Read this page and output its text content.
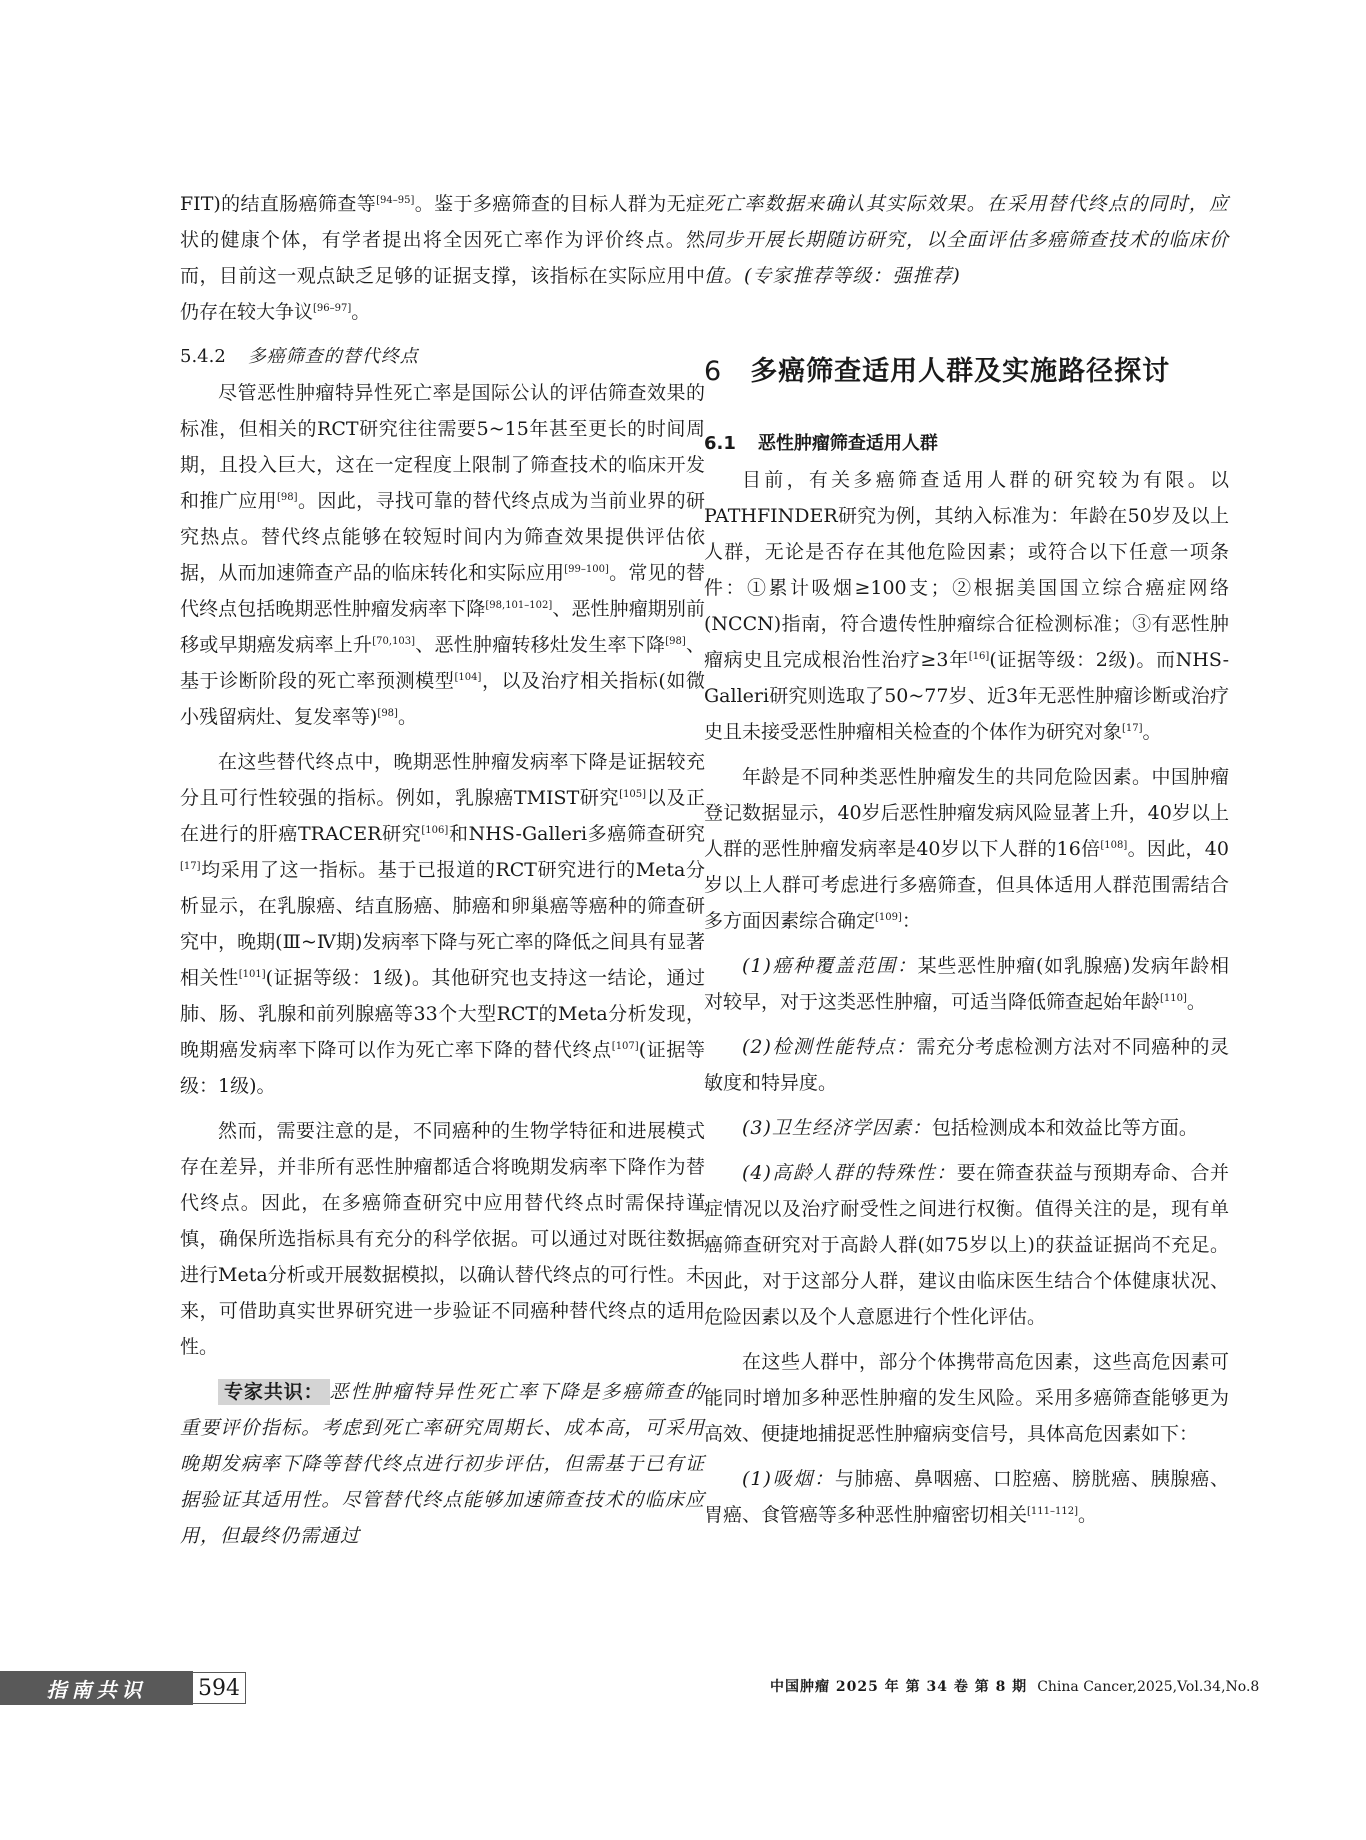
FIT)的结直肠癌筛查等[94–95]。鉴于多癌筛查的目标人群为无症状的健康个体，有学者提出将全因死亡率作为评价终点。然而，目前这一观点缺乏足够的证据支撑，该指标在实际应用中仍存在较大争议[96–97]。

5.4.2 多癌筛查的替代终点

尽管恶性肿瘤特异性死亡率是国际公认的评估筛查效果的标准，但相关的RCT研究往往需要5~15年甚至更长的时间周期，且投入巨大，这在一定程度上限制了筛查技术的临床开发和推广应用[98]。因此，寻找可靠的替代终点成为当前业界的研究热点。替代终点能够在较短时间内为筛查效果提供评估依据，从而加速筛查产品的临床转化和实际应用[99–100]。常见的替代终点包括晚期恶性肿瘤发病率下降[98,101–102]、恶性肿瘤期别前移或早期癌发病率上升[70,103]、恶性肿瘤转移灶发生率下降[98]、基于诊断阶段的死亡率预测模型[104]，以及治疗相关指标(如微小残留病灶、复发率等)[98]。

在这些替代终点中，晚期恶性肿瘤发病率下降是证据较充分且可行性较强的指标。例如，乳腺癌TMIST研究[105]以及正在进行的肝癌TRACER研究[106]和NHS-Galleri多癌筛查研究[17]均采用了这一指标。基于已报道的RCT研究进行的Meta分析显示，在乳腺癌、结直肠癌、肺癌和卵巢癌等癌种的筛查研究中，晚期(Ⅲ~Ⅳ期)发病率下降与死亡率的降低之间具有显著相关性[101](证据等级：1级)。其他研究也支持这一结论，通过肺、肠、乳腺和前列腺癌等33个大型RCT的Meta分析发现，晚期癌发病率下降可以作为死亡率下降的替代终点[107](证据等级：1级)。

然而，需要注意的是，不同癌种的生物学特征和进展模式存在差异，并非所有恶性肿瘤都适合将晚期发病率下降作为替代终点。因此，在多癌筛查研究中应用替代终点时需保持谨慎，确保所选指标具有充分的科学依据。可以通过对既往数据进行Meta分析或开展数据模拟，以确认替代终点的可行性。未来，可借助真实世界研究进一步验证不同癌种替代终点的适用性。

专家共识： 恶性肿瘤特异性死亡率下降是多癌筛查的重要评价指标。考虑到死亡率研究周期长、成本高，可采用晚期发病率下降等替代终点进行初步评估，但需基于已有证据验证其适用性。尽管替代终点能够加速筛查技术的临床应用，但最终仍需通过

死亡率数据来确认其实际效果。在采用替代终点的同时，应同步开展长期随访研究，以全面评估多癌筛查技术的临床价值。(专家推荐等级：强推荐)

6 多癌筛查适用人群及实施路径探讨
6.1 恶性肿瘤筛查适用人群

目前，有关多癌筛查适用人群的研究较为有限。以PATHFINDER研究为例，其纳入标准为：年龄在50岁及以上人群，无论是否存在其他危险因素；或符合以下任意一项条件：①累计吸烟≥100支；②根据美国国立综合癌症网络(NCCN)指南，符合遗传性肿瘤综合征检测标准；③有恶性肿瘤病史且完成根治性治疗≥3年[16](证据等级：2级)。而NHS-Galleri研究则选取了50~77岁、近3年无恶性肿瘤诊断或治疗史且未接受恶性肿瘤相关检查的个体作为研究对象[17]。

年龄是不同种类恶性肿瘤发生的共同危险因素。中国肿瘤登记数据显示，40岁后恶性肿瘤发病风险显著上升，40岁以上人群的恶性肿瘤发病率是40岁以下人群的16倍[108]。因此，40岁以上人群可考虑进行多癌筛查，但具体适用人群范围需结合多方面因素综合确定[109]：

(1)癌种覆盖范围：某些恶性肿瘤(如乳腺癌)发病年龄相对较早，对于这类恶性肿瘤，可适当降低筛查起始年龄[110]。

(2)检测性能特点：需充分考虑检测方法对不同癌种的灵敏度和特异度。

(3)卫生经济学因素：包括检测成本和效益比等方面。

(4)高龄人群的特殊性：要在筛查获益与预期寿命、合并症情况以及治疗耐受性之间进行权衡。值得关注的是，现有单癌筛查研究对于高龄人群(如75岁以上)的获益证据尚不充足。因此，对于这部分人群，建议由临床医生结合个体健康状况、危险因素以及个人意愿进行个性化评估。

在这些人群中，部分个体携带高危因素，这些高危因素可能同时增加多种恶性肿瘤的发生风险。采用多癌筛查能够更为高效、便捷地捕捉恶性肿瘤病变信号，具体高危因素如下：

(1)吸烟：与肺癌、鼻咽癌、口腔癌、膀胱癌、胰腺癌、胃癌、食管癌等多种恶性肿瘤密切相关[111–112]。

指南共识	594	中国肿瘤 2025 年 第 34 卷 第 8 期 China Cancer,2025,Vol.34,No.8
